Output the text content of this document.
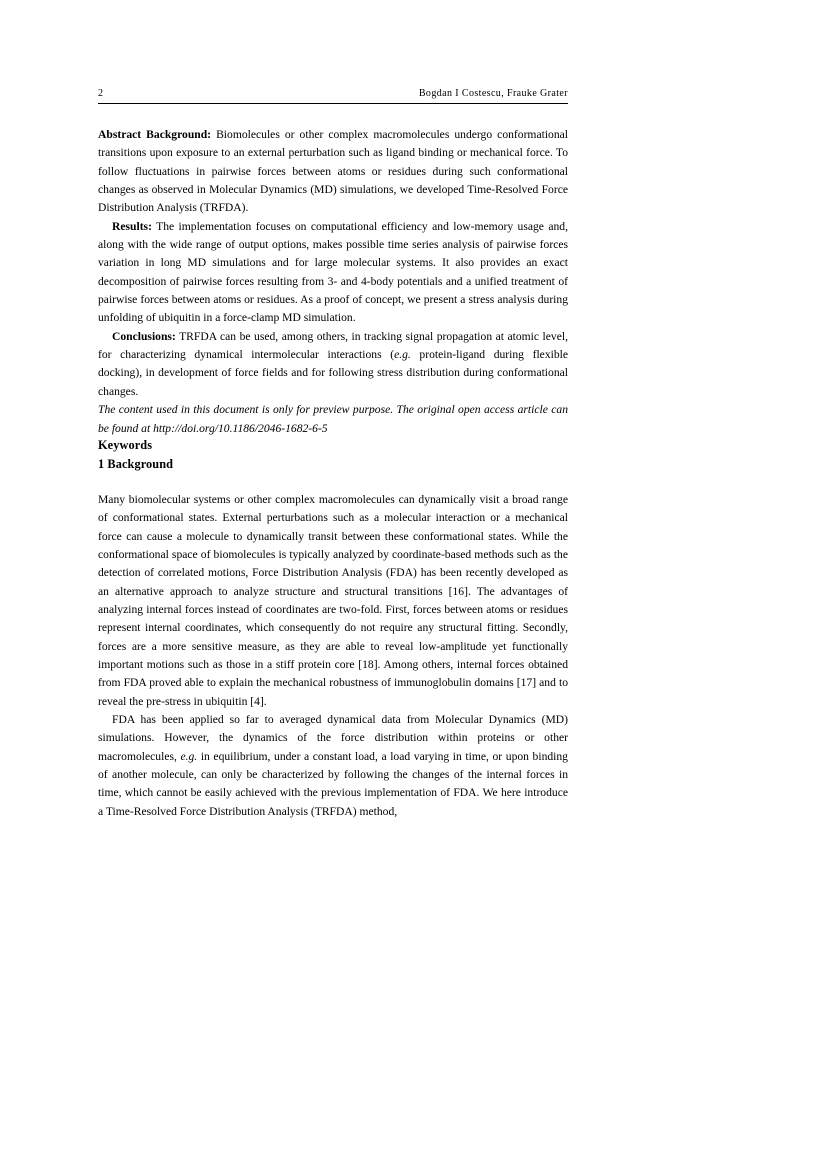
2	Bogdan I Costescu, Frauke Grater

Abstract Background: Biomolecules or other complex macromolecules undergo conformational transitions upon exposure to an external perturbation such as ligand binding or mechanical force. To follow fluctuations in pairwise forces between atoms or residues during such conformational changes as observed in Molecular Dynamics (MD) simulations, we developed Time-Resolved Force Distribution Analysis (TRFDA).

Results: The implementation focuses on computational efficiency and low-memory usage and, along with the wide range of output options, makes possible time series analysis of pairwise forces variation in long MD simulations and for large molecular systems. It also provides an exact decomposition of pairwise forces resulting from 3- and 4-body potentials and a unified treatment of pairwise forces between atoms or residues. As a proof of concept, we present a stress analysis during unfolding of ubiquitin in a force-clamp MD simulation.

Conclusions: TRFDA can be used, among others, in tracking signal propagation at atomic level, for characterizing dynamical intermolecular interactions (e.g. protein-ligand during flexible docking), in development of force fields and for following stress distribution during conformational changes.

The content used in this document is only for preview purpose. The original open access article can be found at http://doi.org/10.1186/2046-1682-6-5

Keywords
1 Background

Many biomolecular systems or other complex macromolecules can dynamically visit a broad range of conformational states. External perturbations such as a molecular interaction or a mechanical force can cause a molecule to dynamically transit between these conformational states. While the conformational space of biomolecules is typically analyzed by coordinate-based methods such as the detection of correlated motions, Force Distribution Analysis (FDA) has been recently developed as an alternative approach to analyze structure and structural transitions [16]. The advantages of analyzing internal forces instead of coordinates are two-fold. First, forces between atoms or residues represent internal coordinates, which consequently do not require any structural fitting. Secondly, forces are a more sensitive measure, as they are able to reveal low-amplitude yet functionally important motions such as those in a stiff protein core [18]. Among others, internal forces obtained from FDA proved able to explain the mechanical robustness of immunoglobulin domains [17] and to reveal the pre-stress in ubiquitin [4].

FDA has been applied so far to averaged dynamical data from Molecular Dynamics (MD) simulations. However, the dynamics of the force distribution within proteins or other macromolecules, e.g. in equilibrium, under a constant load, a load varying in time, or upon binding of another molecule, can only be characterized by following the changes of the internal forces in time, which cannot be easily achieved with the previous implementation of FDA. We here introduce a Time-Resolved Force Distribution Analysis (TRFDA) method,
